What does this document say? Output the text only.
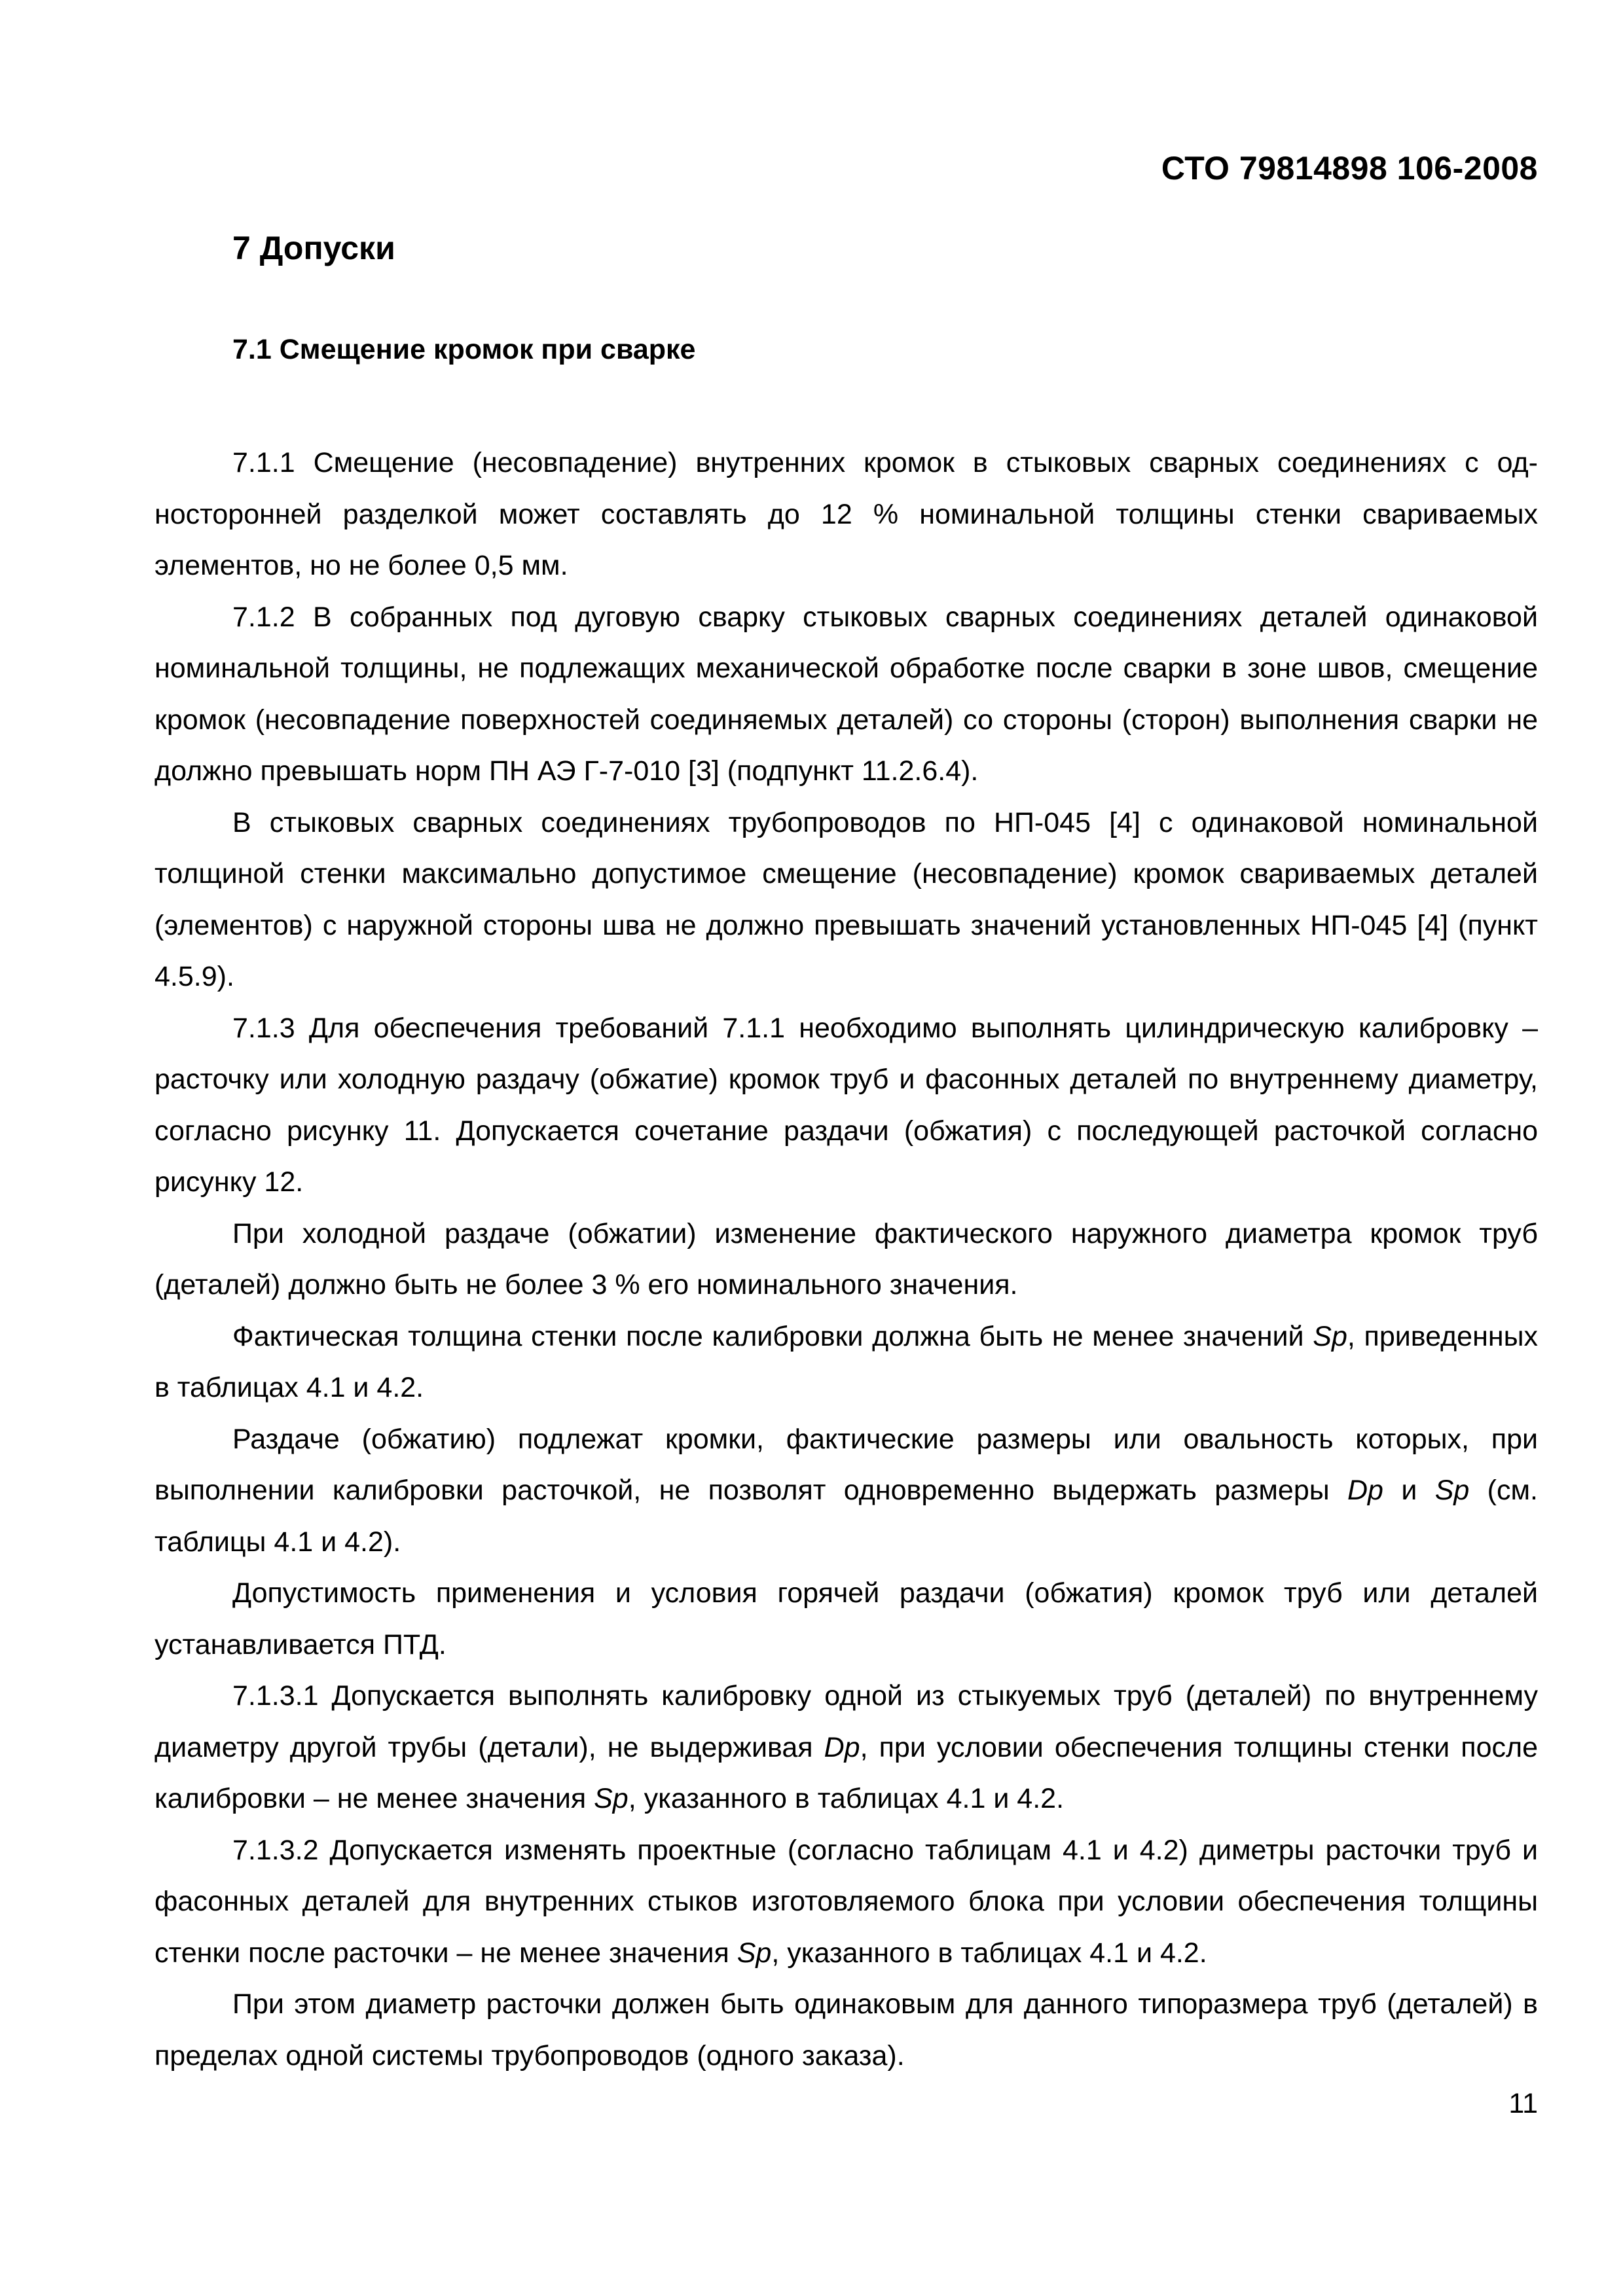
СТО 79814898 106-2008
7 Допуски
7.1 Смещение кромок при сварке

7.1.1 Смещение (несовпадение) внутренних кромок в стыковых сварных соединениях с односторонней разделкой может составлять до 12 % номинальной толщины стенки свариваемых элементов, но не более 0,5 мм.

7.1.2 В собранных под дуговую сварку стыковых сварных соединениях деталей одинаковой номинальной толщины, не подлежащих механической обработке после сварки в зоне швов, смещение кромок (несовпадение поверхностей соединяемых деталей) со стороны (сторон) выполнения сварки не должно превышать норм ПН АЭ Г-7-010 [3] (подпункт 11.2.6.4).

В стыковых сварных соединениях трубопроводов по НП-045 [4] с одинаковой номинальной толщиной стенки максимально допустимое смещение (несовпадение) кромок свариваемых деталей (элементов) с наружной стороны шва не должно превышать значений установленных НП-045 [4] (пункт 4.5.9).

7.1.3 Для обеспечения требований 7.1.1 необходимо выполнять цилиндрическую калибровку – расточку или холодную раздачу (обжатие) кромок труб и фасонных деталей по внутреннему диаметру, согласно рисунку 11. Допускается сочетание раздачи (обжатия) с последующей расточкой согласно рисунку 12.

При холодной раздаче (обжатии) изменение фактического наружного диаметра кромок труб (деталей) должно быть не более 3 % его номинального значения.

Фактическая толщина стенки после калибровки должна быть не менее значений Sp, приведенных в таблицах 4.1 и 4.2.

Раздаче (обжатию) подлежат кромки, фактические размеры или овальность которых, при выполнении калибровки расточкой, не позволят одновременно выдержать размеры Dp и Sp (см. таблицы 4.1 и 4.2).

Допустимость применения и условия горячей раздачи (обжатия) кромок труб или деталей устанавливается ПТД.

7.1.3.1 Допускается выполнять калибровку одной из стыкуемых труб (деталей) по внутреннему диаметру другой трубы (детали), не выдерживая Dp, при условии обеспечения толщины стенки после калибровки – не менее значения Sp, указанного в таблицах 4.1 и 4.2.

7.1.3.2 Допускается изменять проектные (согласно таблицам 4.1 и 4.2) диметры расточки труб и фасонных деталей для внутренних стыков изготовляемого блока при условии обеспечения толщины стенки после расточки – не менее значения Sp, указанного в таблицах 4.1 и 4.2.

При этом диаметр расточки должен быть одинаковым для данного типоразмера труб (деталей) в пределах одной системы трубопроводов (одного заказа).

11
